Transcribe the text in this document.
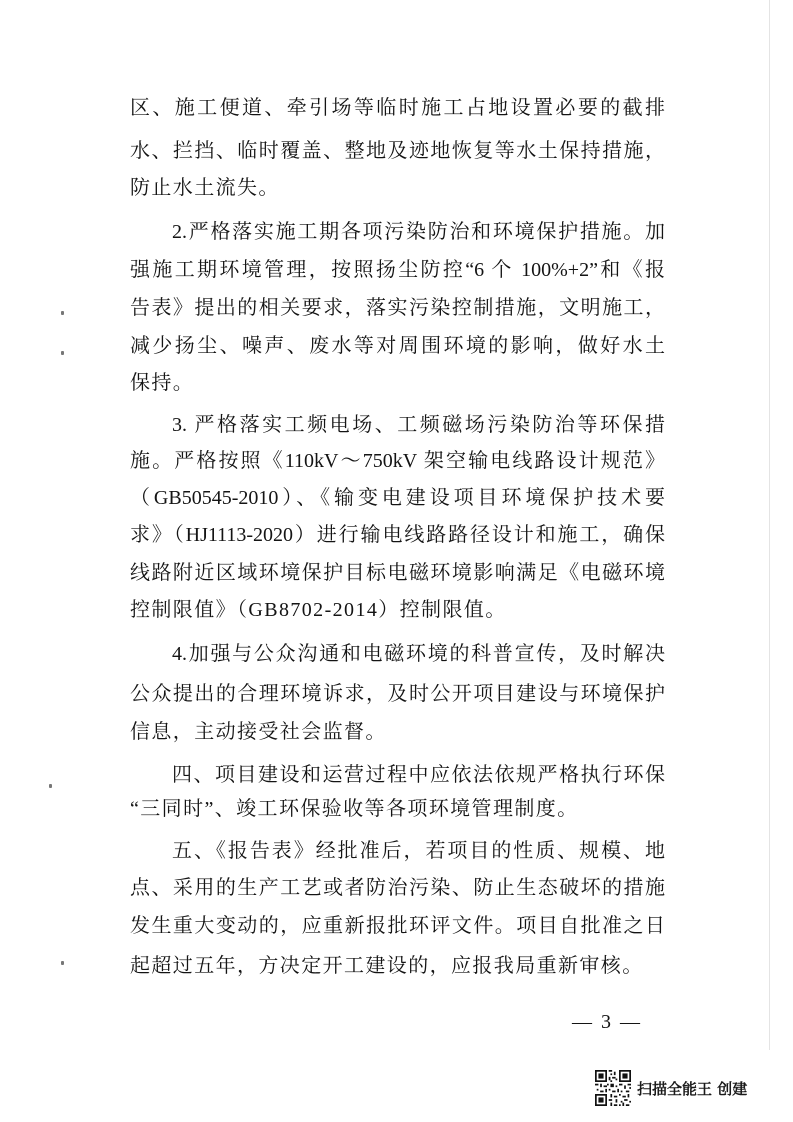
区、施工便道、牵引场等临时施工占地设置必要的截排
水、拦挡、临时覆盖、整地及迹地恢复等水土保持措施，
防止水土流失。
2.严格落实施工期各项污染防治和环境保护措施。加
强施工期环境管理，按照扬尘防控“6 个 100%+2”和《报
告表》提出的相关要求，落实污染控制措施，文明施工，
减少扬尘、噪声、废水等对周围环境的影响，做好水土
保持。
3. 严格落实工频电场、工频磁场污染防治等环保措
施。严格按照《110kV～750kV 架空输电线路设计规范》
（GB50545-2010）、《输变电建设项目环境保护技术要
求》（HJ1113-2020）进行输电线路路径设计和施工，确保
线路附近区域环境保护目标电磁环境影响满足《电磁环境
控制限值》（GB8702-2014）控制限值。
4.加强与公众沟通和电磁环境的科普宣传，及时解决
公众提出的合理环境诉求，及时公开项目建设与环境保护
信息，主动接受社会监督。
四、项目建设和运营过程中应依法依规严格执行环保
“三同时”、竣工环保验收等各项环境管理制度。
五、《报告表》经批准后，若项目的性质、规模、地
点、采用的生产工艺或者防治污染、防止生态破坏的措施
发生重大变动的，应重新报批环评文件。项目自批准之日
起超过五年，方决定开工建设的，应报我局重新审核。
— 3 —
扫描全能王 创建
